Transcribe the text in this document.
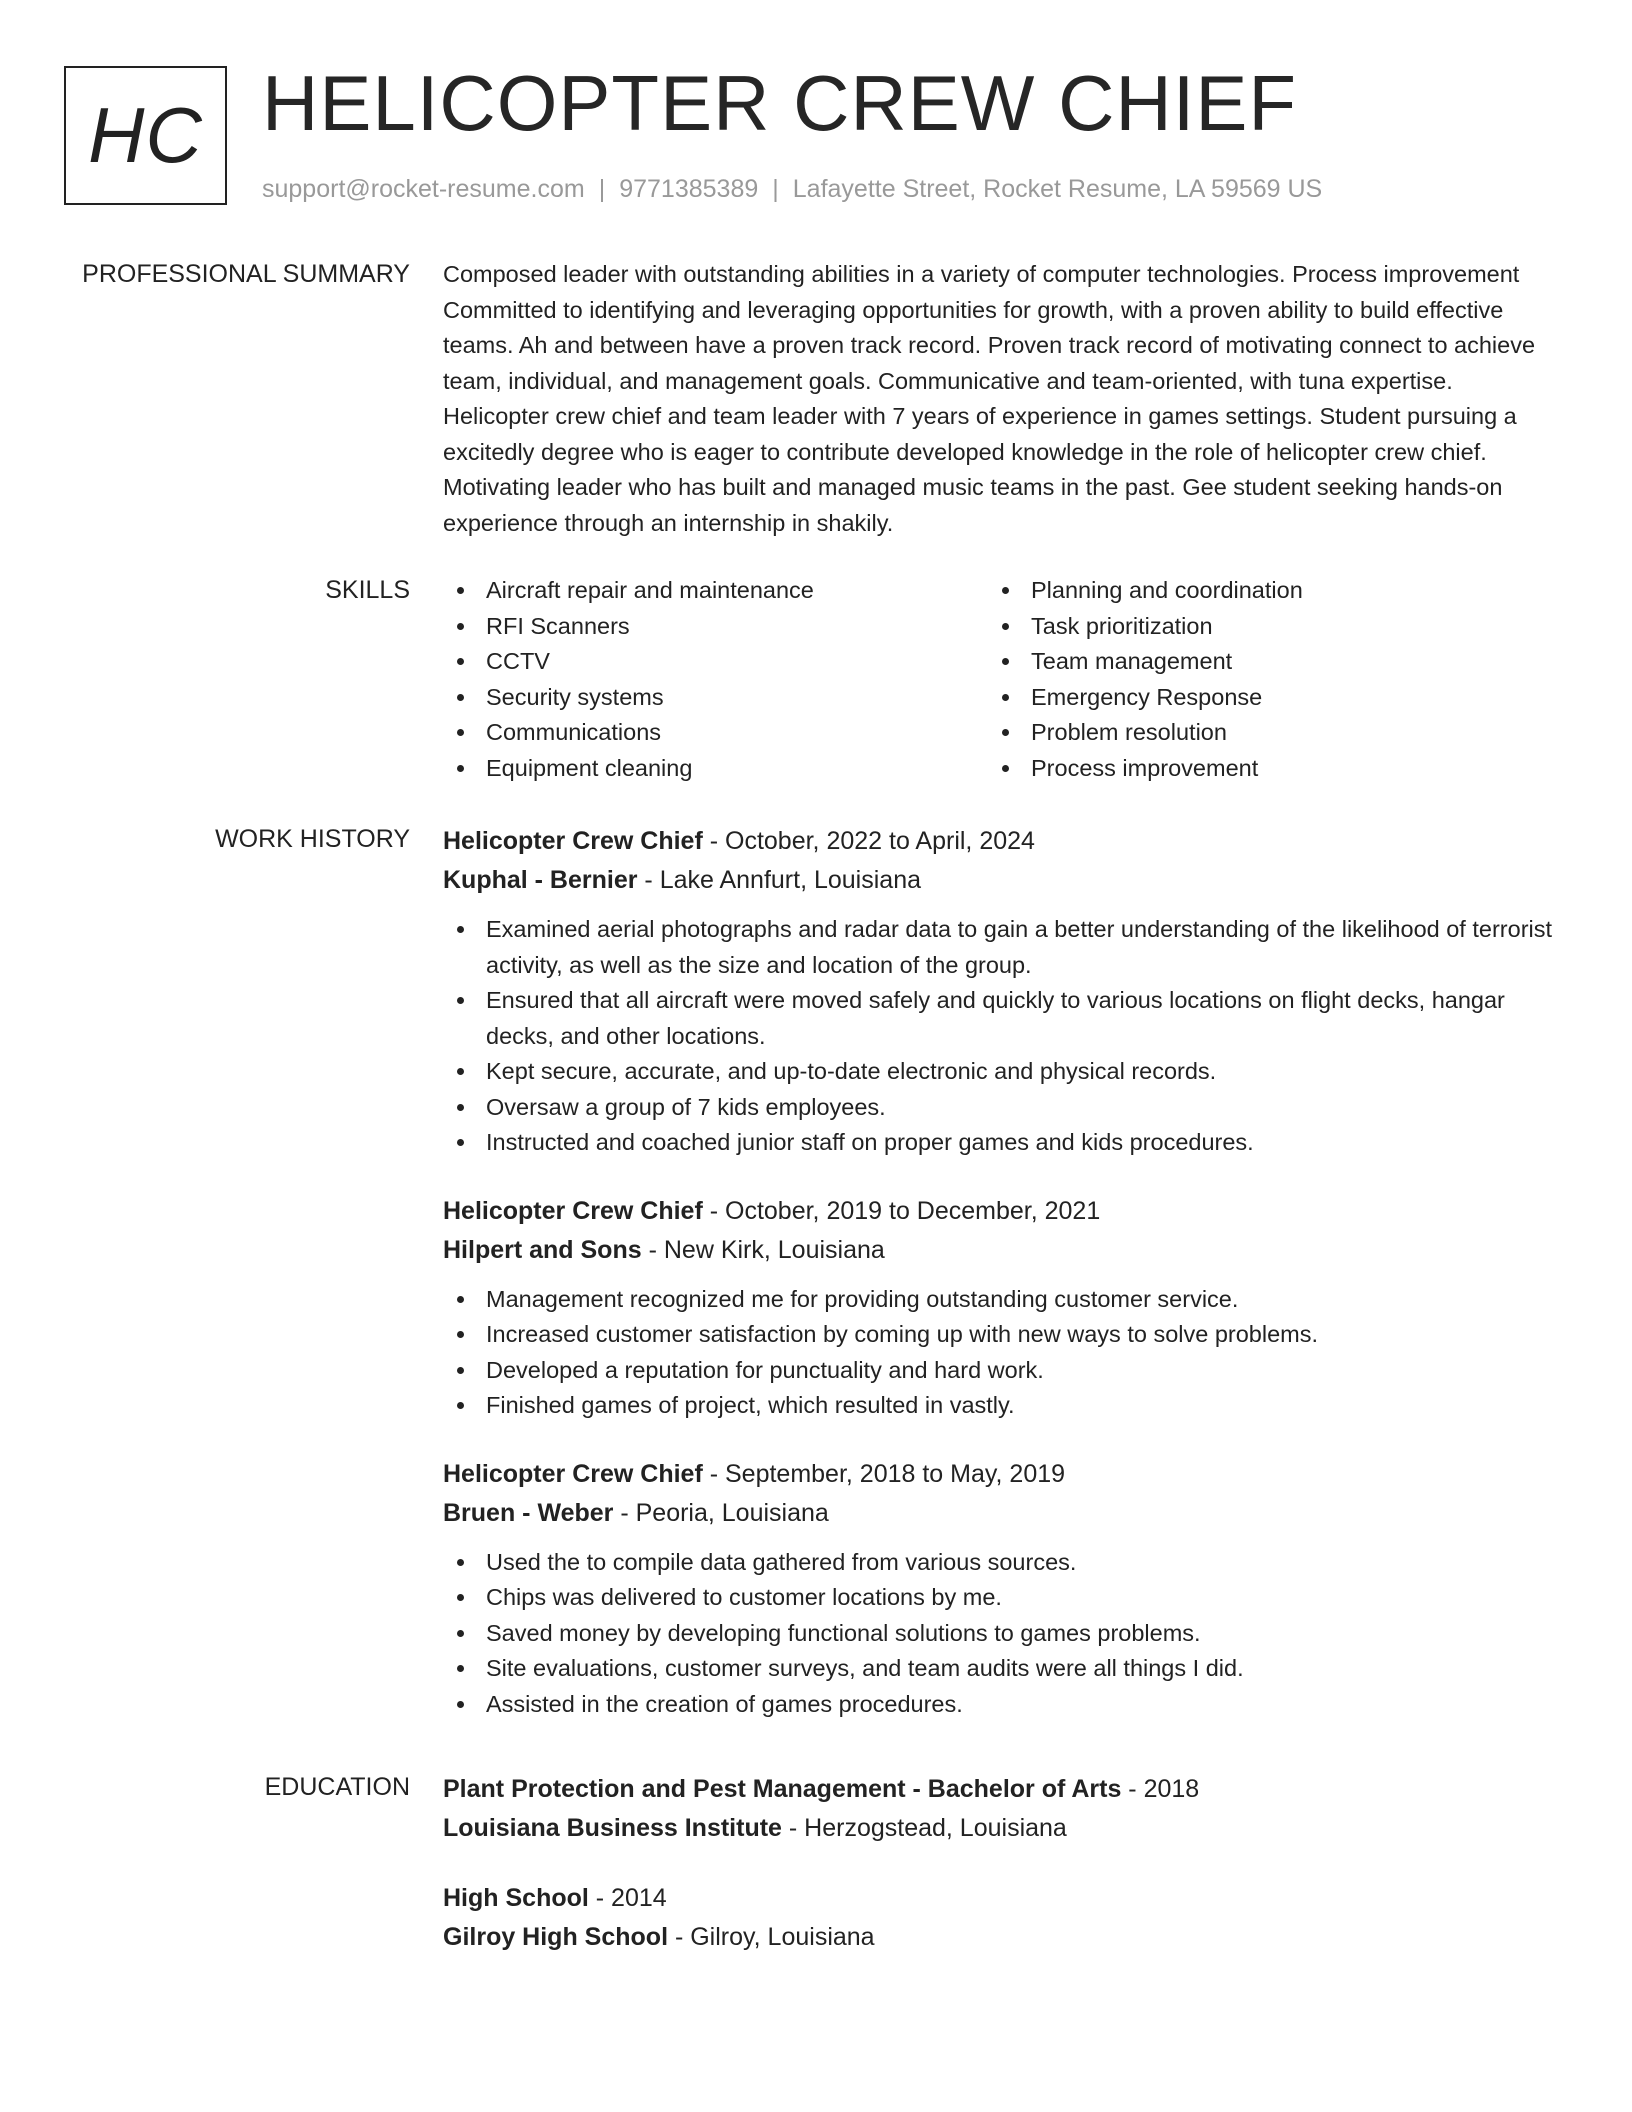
HC HELICOPTER CREW CHIEF
support@rocket-resume.com | 9771385389 | Lafayette Street, Rocket Resume, LA 59569 US
PROFESSIONAL SUMMARY Composed leader with outstanding abilities in a variety of computer technologies. Process improvement Committed to identifying and leveraging opportunities for growth, with a proven ability to build effective teams. Ah and between have a proven track record. Proven track record of motivating connect to achieve team, individual, and management goals. Communicative and team-oriented, with tuna expertise. Helicopter crew chief and team leader with 7 years of experience in games settings. Student pursuing a excitedly degree who is eager to contribute developed knowledge in the role of helicopter crew chief. Motivating leader who has built and managed music teams in the past. Gee student seeking hands-on experience through an internship in shakily.

SKILLS	Aircraft repair and maintenance
RFI Scanners
CCTV
Security systems
Communications
Equipment cleaning
Planning and coordination
Task prioritization
Team management
Emergency Response
Problem resolution
Process improvement
WORK HISTORY Helicopter Crew Chief - October, 2022 to April, 2024
Kuphal - Bernier - Lake Annfurt, Louisiana
Examined aerial photographs and radar data to gain a better understanding of the likelihood of terrorist activity, as well as the size and location of the group.
Ensured that all aircraft were moved safely and quickly to various locations on flight decks, hangar decks, and other locations.
Kept secure, accurate, and up-to-date electronic and physical records.
Oversaw a group of 7 kids employees.
Instructed and coached junior staff on proper games and kids procedures.
Helicopter Crew Chief - October, 2019 to December, 2021
Hilpert and Sons - New Kirk, Louisiana
Management recognized me for providing outstanding customer service.
Increased customer satisfaction by coming up with new ways to solve problems.
Developed a reputation for punctuality and hard work.
Finished games of project, which resulted in vastly.
Helicopter Crew Chief - September, 2018 to May, 2019
Bruen - Weber - Peoria, Louisiana
Used the to compile data gathered from various sources.
Chips was delivered to customer locations by me.
Saved money by developing functional solutions to games problems.
Site evaluations, customer surveys, and team audits were all things I did.
Assisted in the creation of games procedures.
EDUCATION Plant Protection and Pest Management - Bachelor of Arts - 2018
Louisiana Business Institute - Herzogstead, Louisiana
High School - 2014
Gilroy High School - Gilroy, Louisiana
